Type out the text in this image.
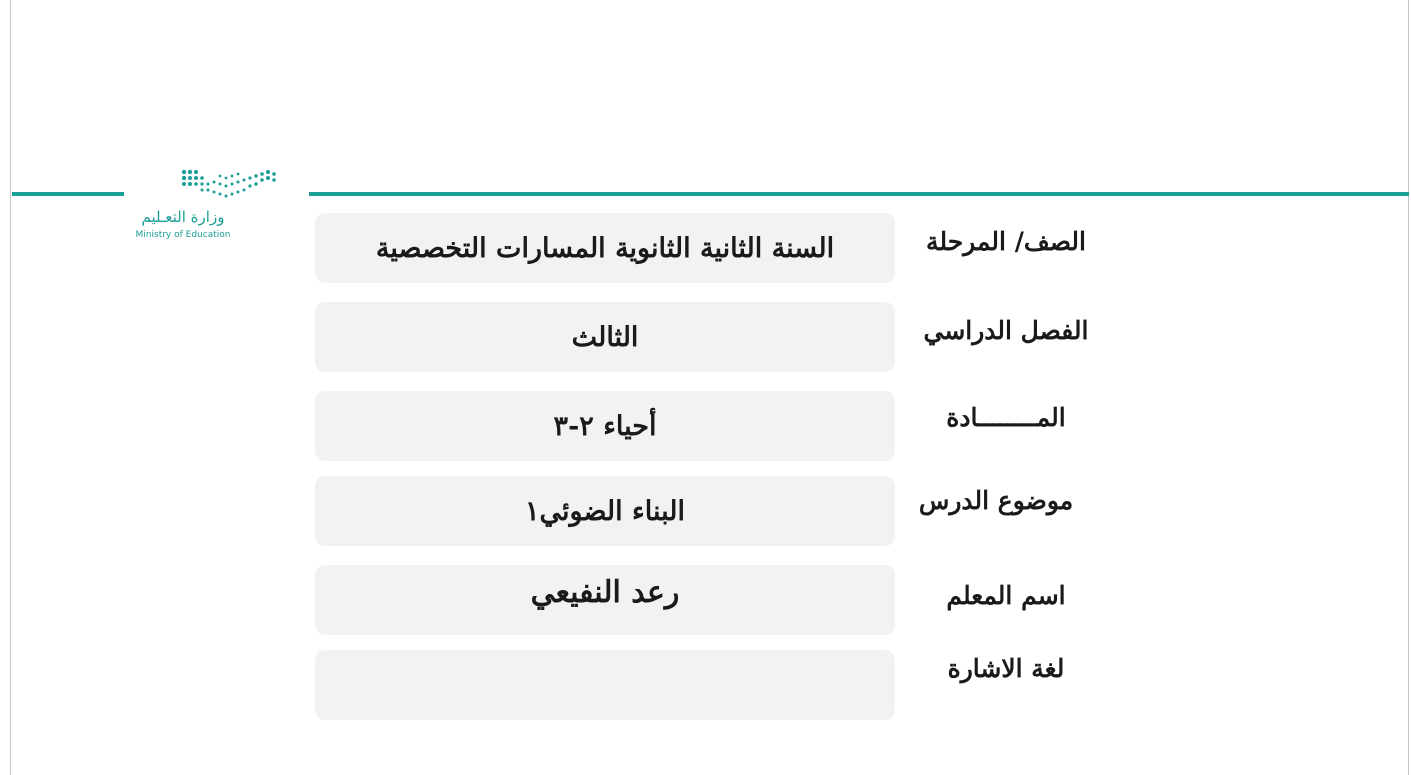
وزارة التعـليم
Ministry of Education	السنة الثانية الثانوية المسارات التخصصية	الصف/ المرحلة
الثالث	الفصل الدراسي
أحياء ٢-٣	المــــــــادة
البناء الضوئي١	موضوع الدرس
رعد النفيعي	اسم المعلم
لغة الاشارة
